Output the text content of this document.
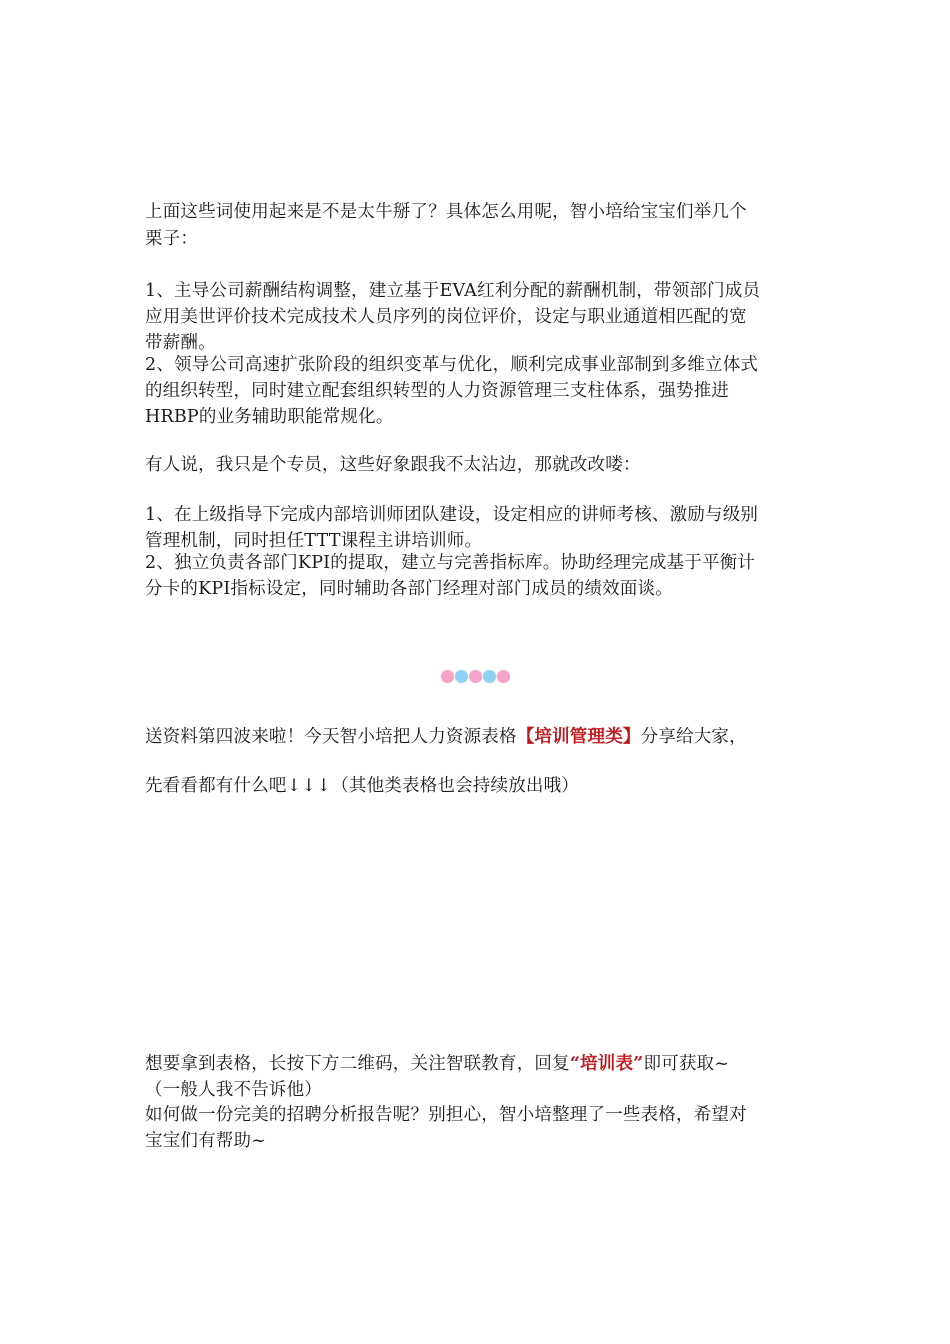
上面这些词使用起来是不是太牛掰了？具体怎么用呢，智小培给宝宝们举几个
栗子：
1、主导公司薪酬结构调整，建立基于EVA红利分配的薪酬机制，带领部门成员
应用美世评价技术完成技术人员序列的岗位评价，设定与职业通道相匹配的宽
带薪酬。
2、领导公司高速扩张阶段的组织变革与优化，顺利完成事业部制到多维立体式
的组织转型，同时建立配套组织转型的人力资源管理三支柱体系，强势推进
HRBP的业务辅助职能常规化。
有人说，我只是个专员，这些好象跟我不太沾边，那就改改喽：
1、在上级指导下完成内部培训师团队建设，设定相应的讲师考核、激励与级别
管理机制，同时担任TTT课程主讲培训师。
2、独立负责各部门KPI的提取，建立与完善指标库。协助经理完成基于平衡计
分卡的KPI指标设定，同时辅助各部门经理对部门成员的绩效面谈。
送资料第四波来啦！今天智小培把人力资源表格【培训管理类】分享给大家，
先看看都有什么吧↓↓↓（其他类表格也会持续放出哦）
想要拿到表格，长按下方二维码，关注智联教育，回复“培训表”即可获取~
（一般人我不告诉他）
如何做一份完美的招聘分析报告呢？别担心，智小培整理了一些表格，希望对
宝宝们有帮助~
